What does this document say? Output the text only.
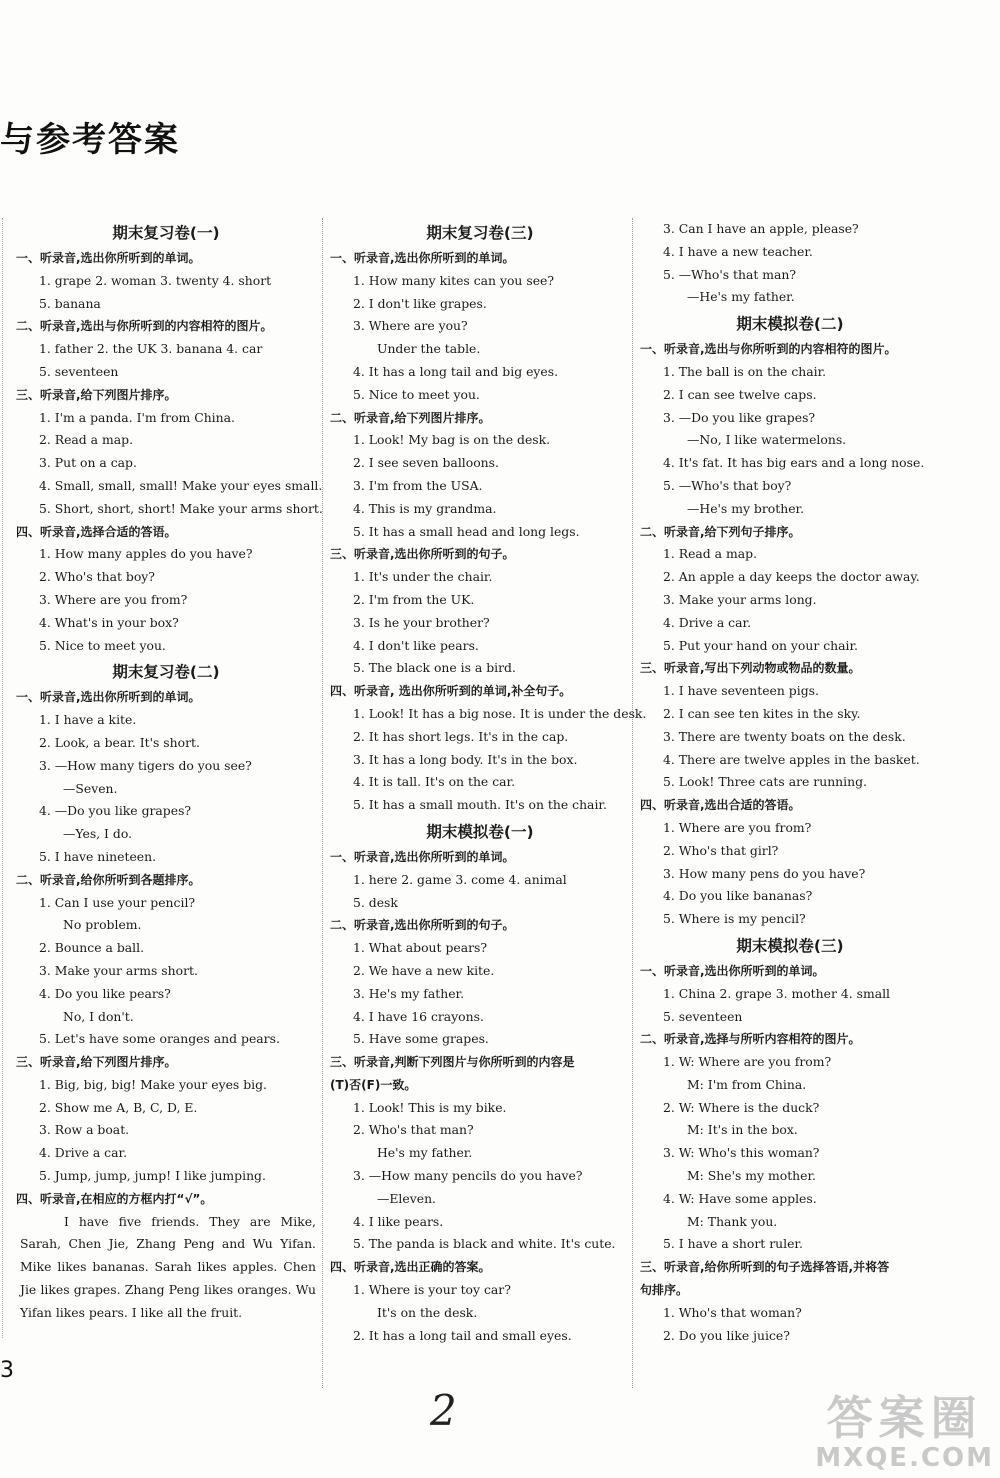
与参考答案
期末复习卷(一)
一、听录音,选出你所听到的单词。
1. grape 2. woman 3. twenty 4. short
5. banana
二、听录音,选出与你所听到的内容相符的图片。
1. father 2. the UK 3. banana 4. car
5. seventeen
三、听录音,给下列图片排序。
1. I'm a panda. I'm from China.
2. Read a map.
3. Put on a cap.
4. Small, small, small! Make your eyes small.
5. Short, short, short! Make your arms short.
四、听录音,选择合适的答语。
1. How many apples do you have?
2. Who's that boy?
3. Where are you from?
4. What's in your box?
5. Nice to meet you.
期末复习卷(二)
一、听录音,选出你所听到的单词。
1. I have a kite.
2. Look, a bear. It's short.
3. —How many tigers do you see?
—Seven.
4. —Do you like grapes?
—Yes, I do.
5. I have nineteen.
二、听录音,给你所听到各题排序。
1. Can I use your pencil?
No problem.
2. Bounce a ball.
3. Make your arms short.
4. Do you like pears?
No, I don't.
5. Let's have some oranges and pears.
三、听录音,给下列图片排序。
1. Big, big, big! Make your eyes big.
2. Show me A, B, C, D, E.
3. Row a boat.
4. Drive a car.
5. Jump, jump, jump! I like jumping.
四、听录音,在相应的方框内打“√”。
I have five friends. They are Mike, Sarah, Chen Jie, Zhang Peng and Wu Yifan. Mike likes bananas. Sarah likes apples. Chen Jie likes grapes. Zhang Peng likes oranges. Wu Yifan likes pears. I like all the fruit.
期末复习卷(三)
一、听录音,选出你所听到的单词。
1. How many kites can you see?
2. I don't like grapes.
3. Where are you?
Under the table.
4. It has a long tail and big eyes.
5. Nice to meet you.
二、听录音,给下列图片排序。
1. Look! My bag is on the desk.
2. I see seven balloons.
3. I'm from the USA.
4. This is my grandma.
5. It has a small head and long legs.
三、听录音,选出你所听到的句子。
1. It's under the chair.
2. I'm from the UK.
3. Is he your brother?
4. I don't like pears.
5. The black one is a bird.
四、听录音, 选出你所听到的单词,补全句子。
1. Look! It has a big nose. It is under the desk.
2. It has short legs. It's in the cap.
3. It has a long body. It's in the box.
4. It is tall. It's on the car.
5. It has a small mouth. It's on the chair.
期末模拟卷(一)
一、听录音,选出你所听到的单词。
1. here 2. game 3. come 4. animal
5. desk
二、听录音,选出你所听到的句子。
1. What about pears?
2. We have a new kite.
3. He's my father.
4. I have 16 crayons.
5. Have some grapes.
三、听录音,判断下列图片与你所听到的内容是
(T)否(F)一致。
1. Look! This is my bike.
2. Who's that man?
He's my father.
3. —How many pencils do you have?
—Eleven.
4. I like pears.
5. The panda is black and white. It's cute.
四、听录音,选出正确的答案。
1. Where is your toy car?
It's on the desk.
2. It has a long tail and small eyes.
3. Can I have an apple, please?
4. I have a new teacher.
5. —Who's that man?
—He's my father.
期末模拟卷(二)
一、听录音,选出与你所听到的内容相符的图片。
1. The ball is on the chair.
2. I can see twelve caps.
3. —Do you like grapes?
—No, I like watermelons.
4. It's fat. It has big ears and a long nose.
5. —Who's that boy?
—He's my brother.
二、听录音,给下列句子排序。
1. Read a map.
2. An apple a day keeps the doctor away.
3. Make your arms long.
4. Drive a car.
5. Put your hand on your chair.
三、听录音,写出下列动物或物品的数量。
1. I have seventeen pigs.
2. I can see ten kites in the sky.
3. There are twenty boats on the desk.
4. There are twelve apples in the basket.
5. Look! Three cats are running.
四、听录音,选出合适的答语。
1. Where are you from?
2. Who's that girl?
3. How many pens do you have?
4. Do you like bananas?
5. Where is my pencil?
期末模拟卷(三)
一、听录音,选出你所听到的单词。
1. China 2. grape 3. mother 4. small
5. seventeen
二、听录音,选择与所听内容相符的图片。
1. W: Where are you from?
M: I'm from China.
2. W: Where is the duck?
M: It's in the box.
3. W: Who's this woman?
M: She's my mother.
4. W: Have some apples.
M: Thank you.
5. I have a short ruler.
三、听录音,给你所听到的句子选择答语,并将答
句排序。
1. Who's that woman?
2. Do you like juice?
3
2	答案圈
MXQE.COM
